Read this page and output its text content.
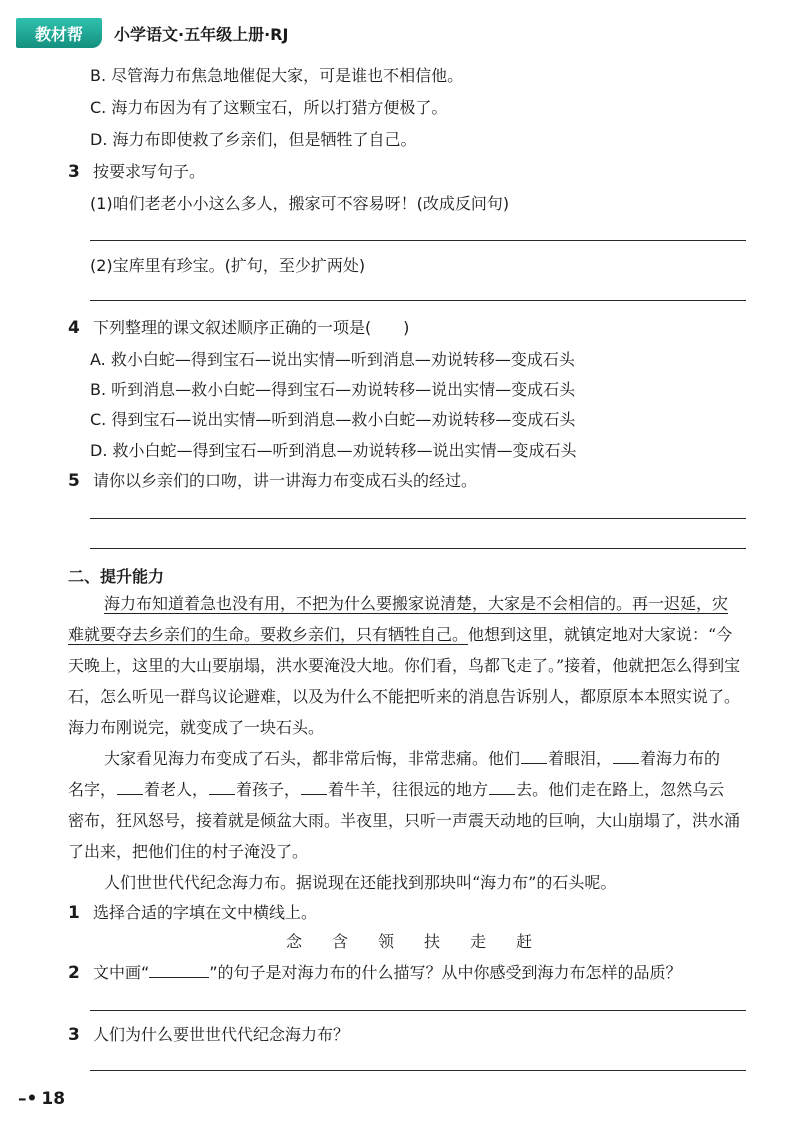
教材帮	小学语文·五年级上册·RJ
B. 尽管海力布焦急地催促大家，可是谁也不相信他。
C. 海力布因为有了这颗宝石，所以打猎方便极了。
D. 海力布即使救了乡亲们，但是牺牲了自己。
3 按要求写句子。
(1)咱们老老小小这么多人，搬家可不容易呀！(改成反问句)
(2)宝库里有珍宝。(扩句，至少扩两处)
4 下列整理的课文叙述顺序正确的一项是(　　)
A. 救小白蛇—得到宝石—说出实情—听到消息—劝说转移—变成石头
B. 听到消息—救小白蛇—得到宝石—劝说转移—说出实情—变成石头
C. 得到宝石—说出实情—听到消息—救小白蛇—劝说转移—变成石头
D. 救小白蛇—得到宝石—听到消息—劝说转移—说出实情—变成石头
5 请你以乡亲们的口吻，讲一讲海力布变成石头的经过。
二、提升能力
海力布知道着急也没有用，不把为什么要搬家说清楚，大家是不会相信的。再一迟延，灾
难就要夺去乡亲们的生命。要救乡亲们，只有牺牲自己。他想到这里，就镇定地对大家说：“今
天晚上，这里的大山要崩塌，洪水要淹没大地。你们看，鸟都飞走了。”接着，他就把怎么得到宝
石，怎么听见一群鸟议论避难，以及为什么不能把听来的消息告诉别人，都原原本本照实说了。
海力布刚说完，就变成了一块石头。
大家看见海力布变成了石头，都非常后悔，非常悲痛。他们 着眼泪， 着海力布的
名字， 着老人， 着孩子， 着牛羊，往很远的地方 去。他们走在路上，忽然乌云
密布，狂风怒号，接着就是倾盆大雨。半夜里，只听一声震天动地的巨响，大山崩塌了，洪水涌
了出来，把他们住的村子淹没了。
人们世世代代纪念海力布。据说现在还能找到那块叫“海力布”的石头呢。
1 选择合适的字填在文中横线上。
念 含 领 扶 走 赶
2 文中画“	”的句子是对海力布的什么描写？从中你感受到海力布怎样的品质？
3 人们为什么要世世代代纪念海力布？
–• 18
